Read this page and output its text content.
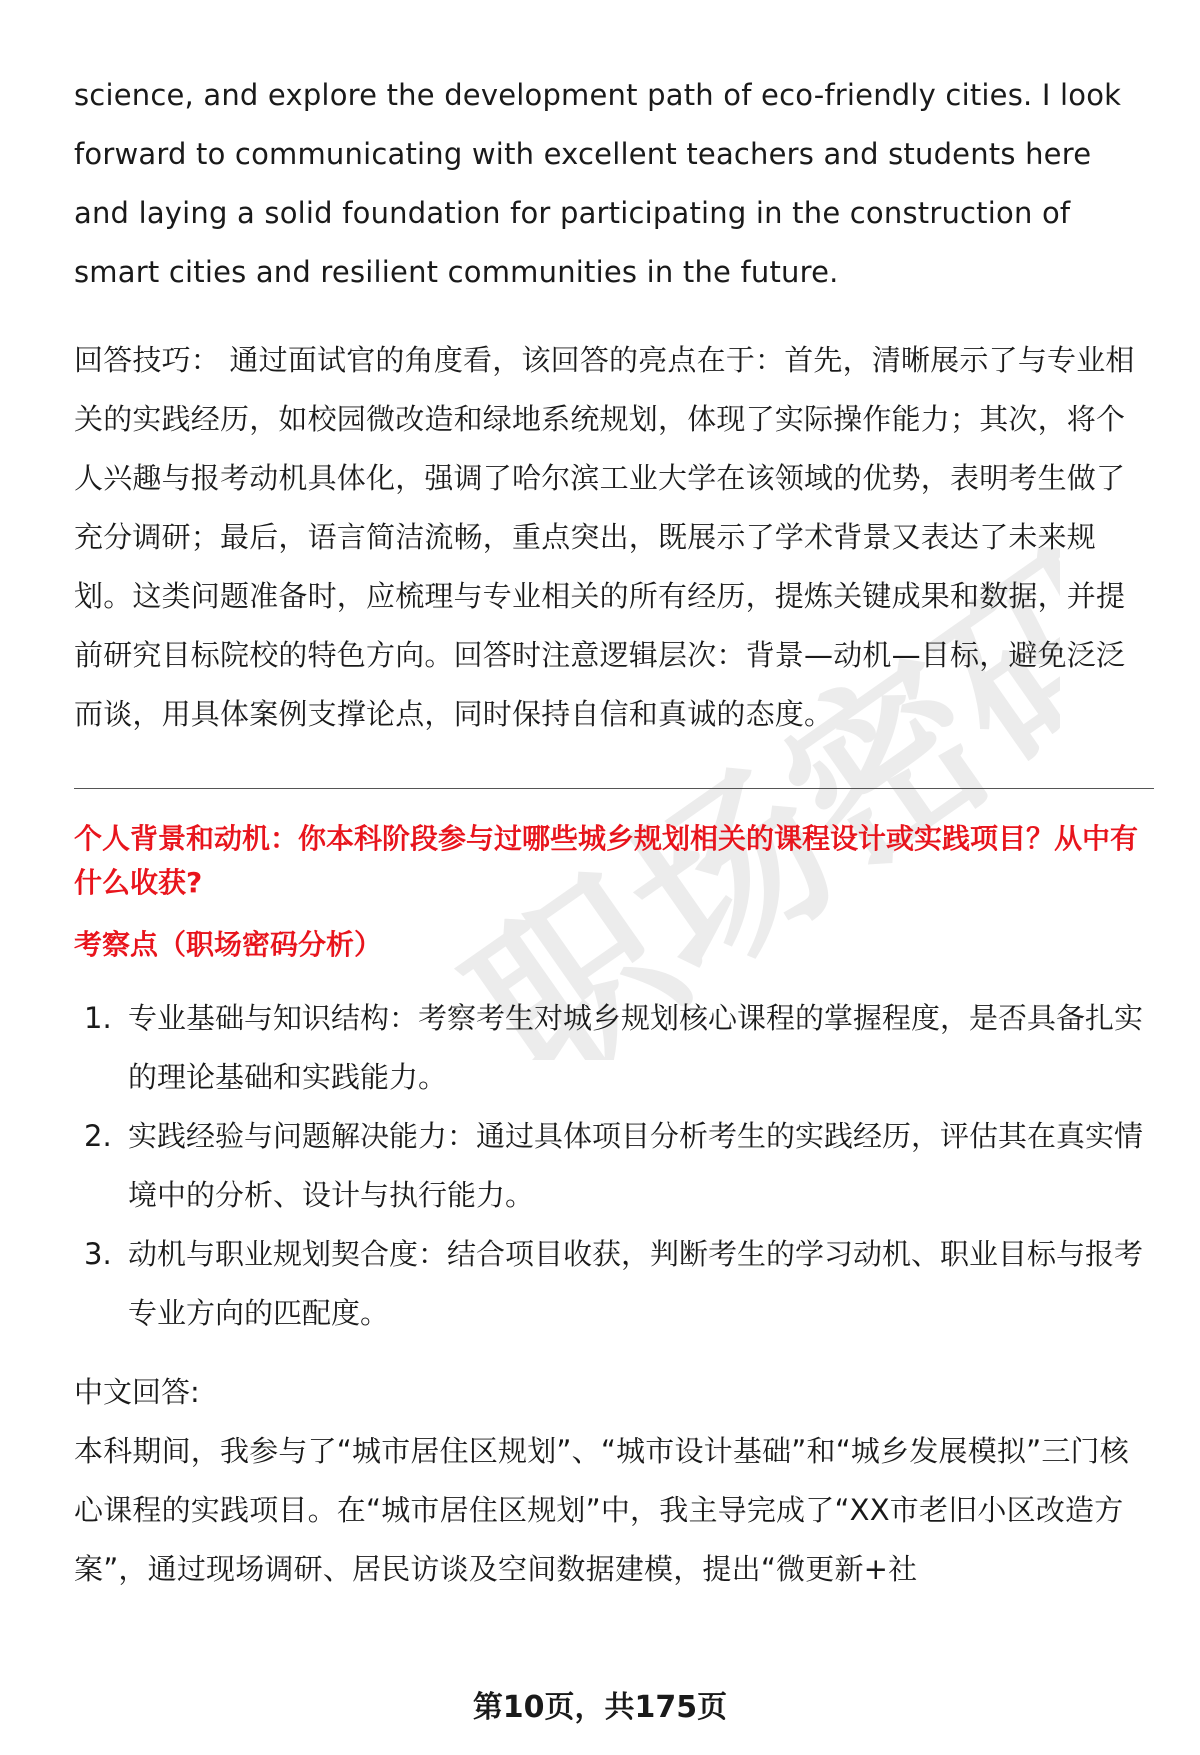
职场密码

science, and explore the development path of eco-friendly cities. I look forward to communicating with excellent teachers and students here and laying a solid foundation for participating in the construction of smart cities and resilient communities in the future.

回答技巧： 通过面试官的角度看，该回答的亮点在于：首先，清晰展示了与专业相关的实践经历，如校园微改造和绿地系统规划，体现了实际操作能力；其次，将个人兴趣与报考动机具体化，强调了哈尔滨工业大学在该领域的优势，表明考生做了充分调研；最后，语言简洁流畅，重点突出，既展示了学术背景又表达了未来规划。这类问题准备时，应梳理与专业相关的所有经历，提炼关键成果和数据，并提前研究目标院校的特色方向。回答时注意逻辑层次：背景—动机—目标，避免泛泛而谈，用具体案例支撑论点，同时保持自信和真诚的态度。

个人背景和动机：你本科阶段参与过哪些城乡规划相关的课程设计或实践项目？从中有什么收获?

考察点（职场密码分析）

1. 专业基础与知识结构：考察考生对城乡规划核心课程的掌握程度，是否具备扎实的理论基础和实践能力。
2. 实践经验与问题解决能力：通过具体项目分析考生的实践经历，评估其在真实情境中的分析、设计与执行能力。
3. 动机与职业规划契合度：结合项目收获，判断考生的学习动机、职业目标与报考专业方向的匹配度。

中文回答:

本科期间，我参与了“城市居住区规划”、“城市设计基础”和“城乡发展模拟”三门核心课程的实践项目。在“城市居住区规划”中，我主导完成了“XX市老旧小区改造方案”，通过现场调研、居民访谈及空间数据建模，提出“微更新+社

第10页，共175页
